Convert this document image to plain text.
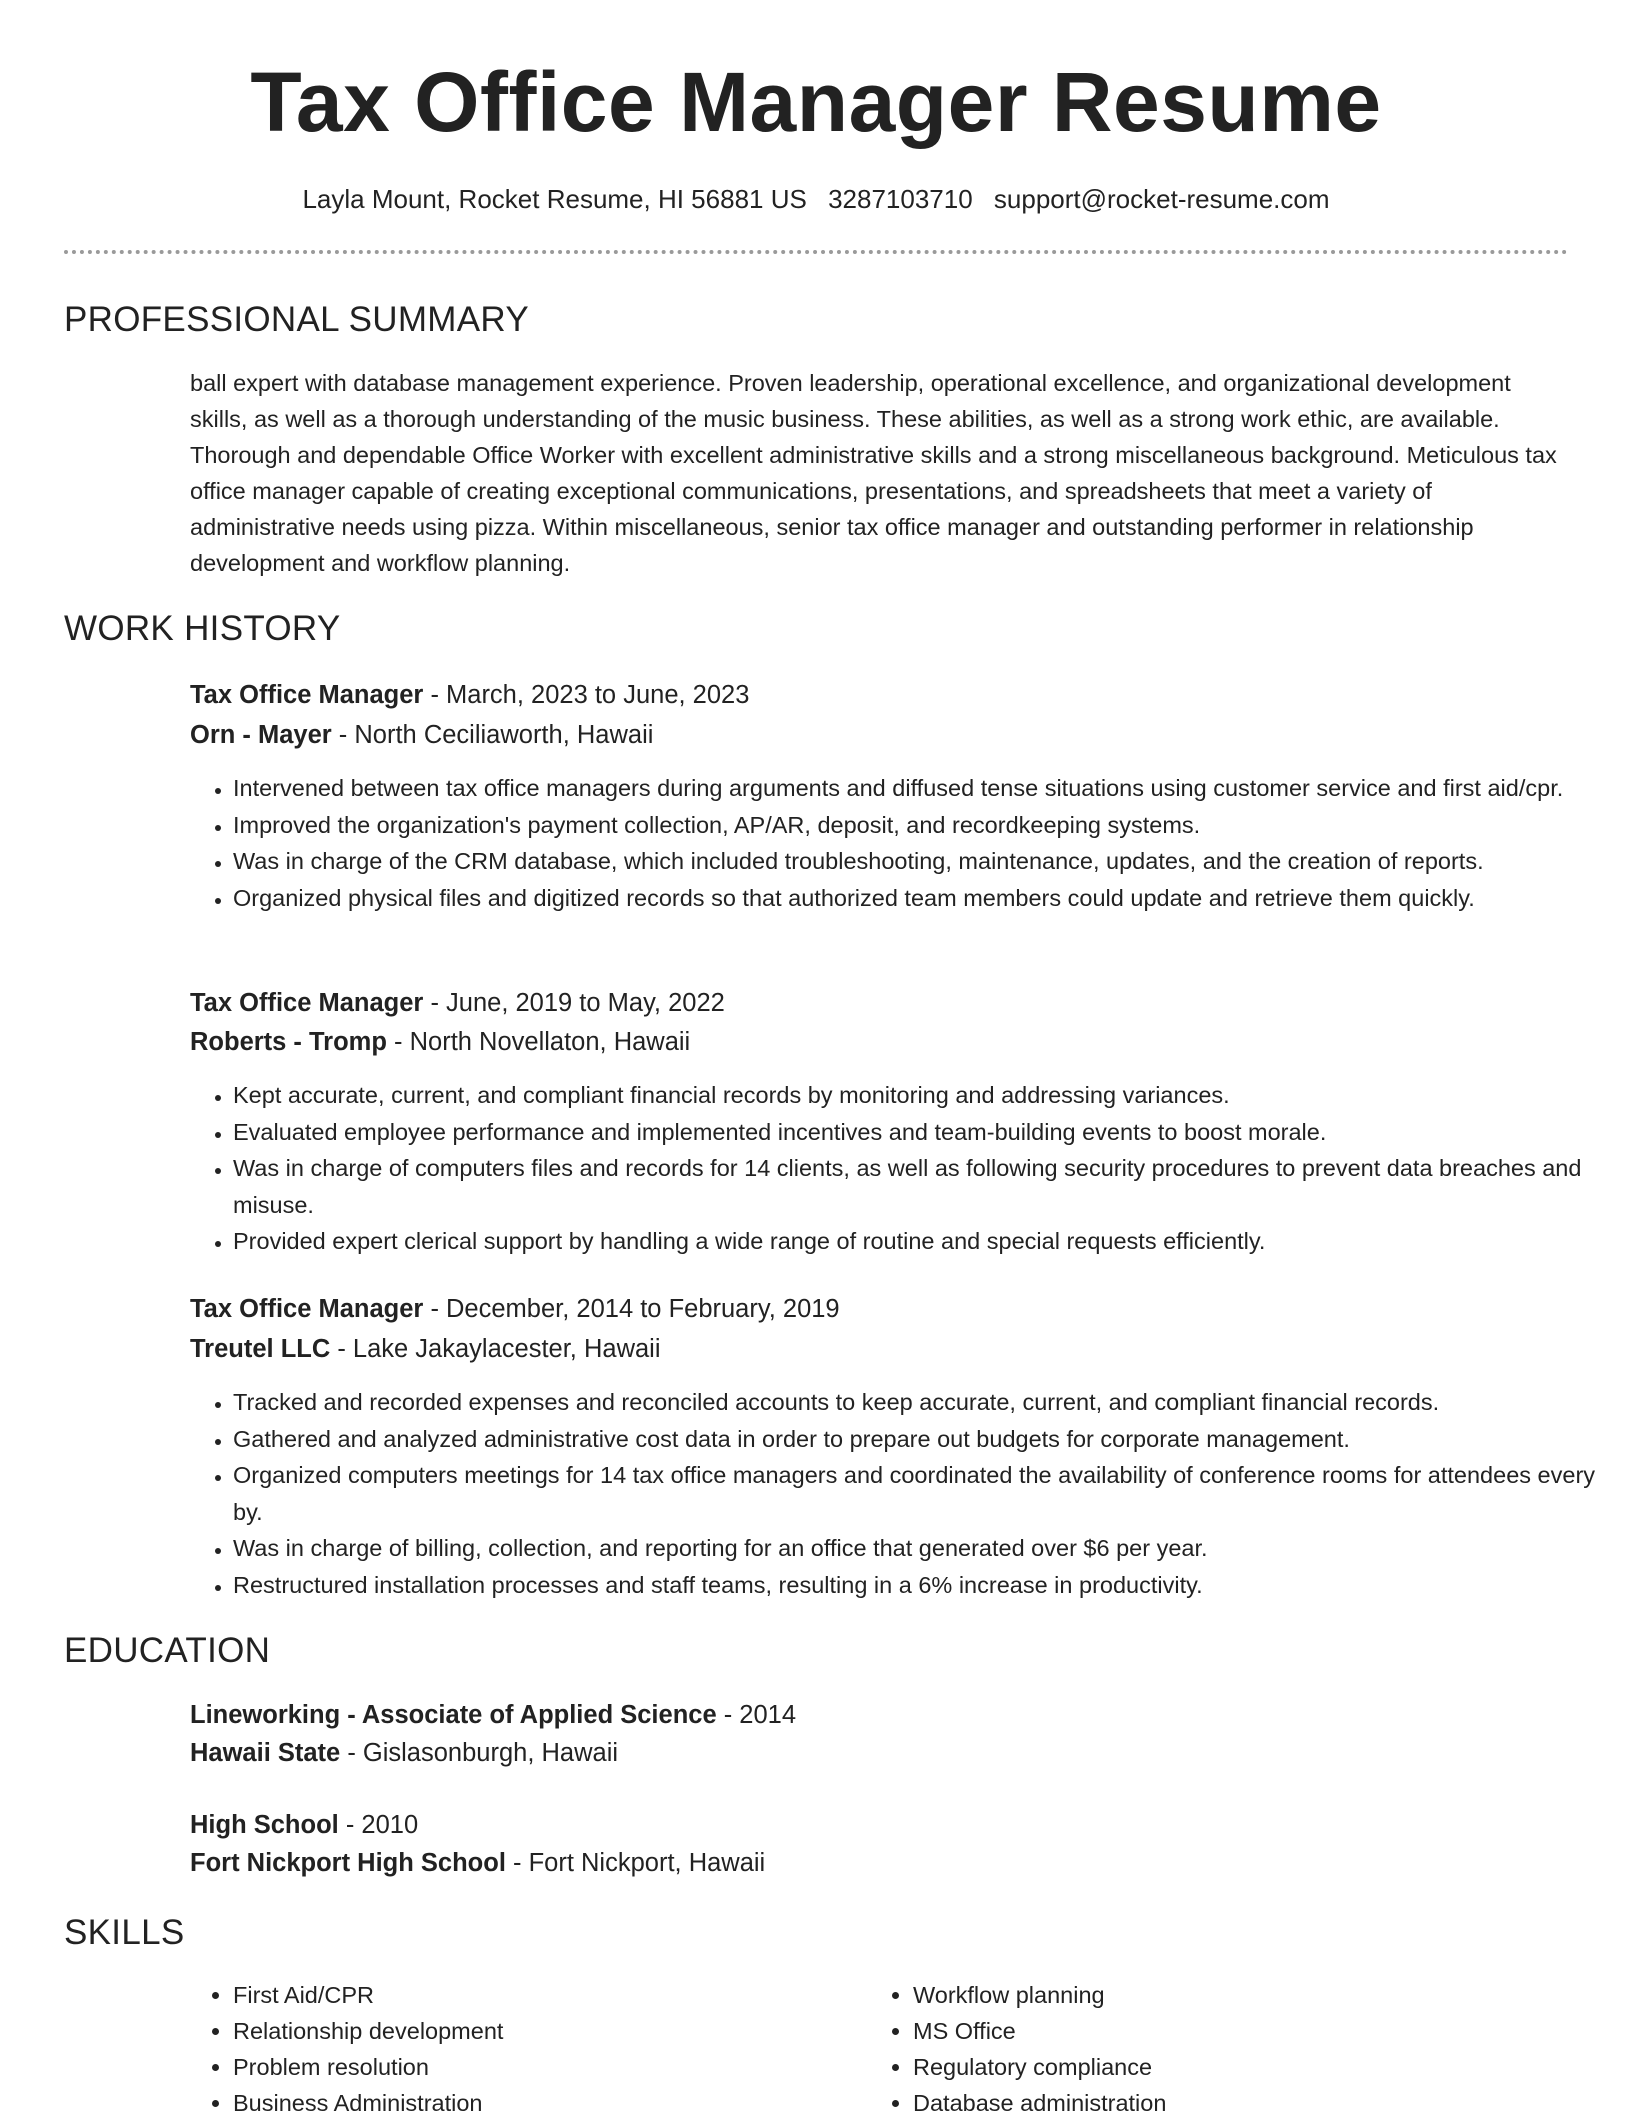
Tax Office Manager Resume
Layla Mount, Rocket Resume, HI 56881 US 3287103710 support@rocket-resume.com
PROFESSIONAL SUMMARY

ball expert with database management experience. Proven leadership, operational excellence, and organizational development skills, as well as a thorough understanding of the music business. These abilities, as well as a strong work ethic, are available. Thorough and dependable Office Worker with excellent administrative skills and a strong miscellaneous background. Meticulous tax office manager capable of creating exceptional communications, presentations, and spreadsheets that meet a variety of administrative needs using pizza. Within miscellaneous, senior tax office manager and outstanding performer in relationship development and workflow planning.

WORK HISTORY
Tax Office Manager - March, 2023 to June, 2023
Orn - Mayer - North Ceciliaworth, Hawaii
• Intervened between tax office managers during arguments and diffused tense situations using customer service and first aid/cpr.
• Improved the organization's payment collection, AP/AR, deposit, and recordkeeping systems.
• Was in charge of the CRM database, which included troubleshooting, maintenance, updates, and the creation of reports.
• Organized physical files and digitized records so that authorized team members could update and retrieve them quickly.
Tax Office Manager - June, 2019 to May, 2022
Roberts - Tromp - North Novellaton, Hawaii
• Kept accurate, current, and compliant financial records by monitoring and addressing variances.
• Evaluated employee performance and implemented incentives and team-building events to boost morale.
• Was in charge of computers files and records for 14 clients, as well as following security procedures to prevent data breaches and misuse.
• Provided expert clerical support by handling a wide range of routine and special requests efficiently.
Tax Office Manager - December, 2014 to February, 2019
Treutel LLC - Lake Jakaylacester, Hawaii
• Tracked and recorded expenses and reconciled accounts to keep accurate, current, and compliant financial records.
• Gathered and analyzed administrative cost data in order to prepare out budgets for corporate management.
• Organized computers meetings for 14 tax office managers and coordinated the availability of conference rooms for attendees every by.
• Was in charge of billing, collection, and reporting for an office that generated over $6 per year.
• Restructured installation processes and staff teams, resulting in a 6% increase in productivity.
EDUCATION
Lineworking - Associate of Applied Science - 2014
Hawaii State - Gislasonburgh, Hawaii
High School - 2010
Fort Nickport High School - Fort Nickport, Hawaii
SKILLS
• First Aid/CPR
• Relationship development
• Problem resolution
• Business Administration
• Workflow planning
• MS Office
• Regulatory compliance
• Database administration
